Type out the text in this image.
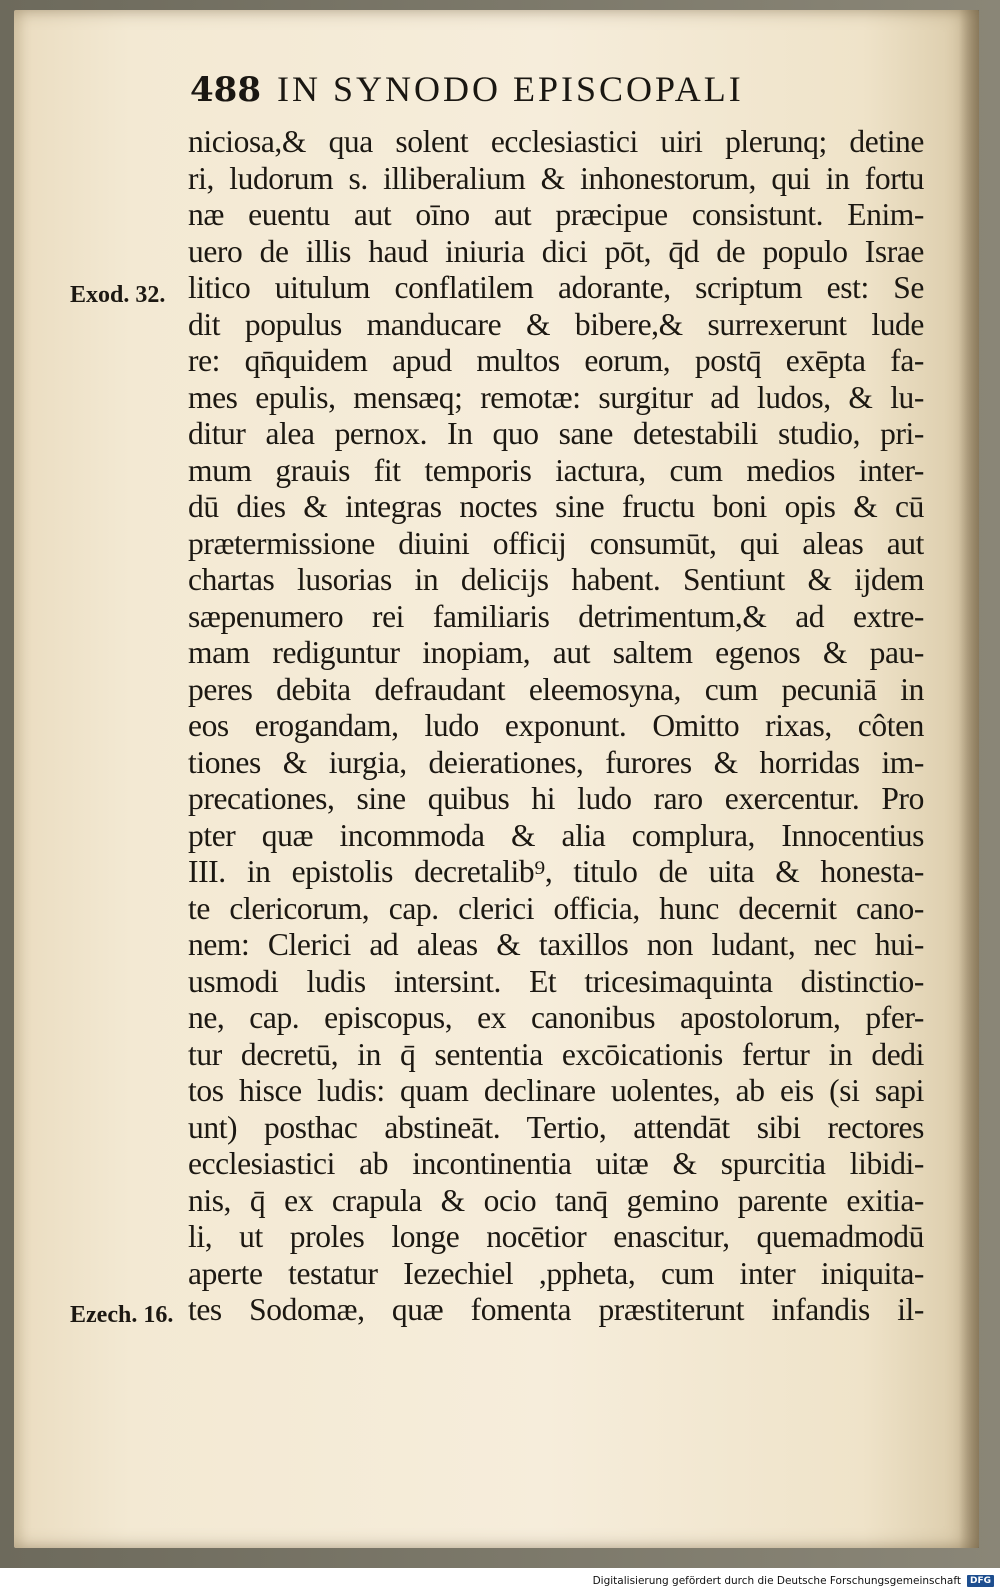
488 IN SYNODO EPISCOPALI
Exod. 32.
Ezech. 16.
niciosa,& qua solent ecclesiastici uiri plerunq; detine
ri, ludorum s. illiberalium & inhonestorum, qui in fortu
næ euentu aut oīno aut præcipue consistunt. Enim-
uero de illis haud iniuria dici pōt, q̄d de populo Israe
litico uitulum conflatilem adorante, scriptum est: Se
dit populus manducare & bibere,& surrexerunt lude
re: qn̄quidem apud multos eorum, postq̄ exēpta fa-
mes epulis, mensæq; remotæ: surgitur ad ludos, & lu-
ditur alea pernox. In quo sane detestabili studio, pri-
mum grauis fit temporis iactura, cum medios inter-
dū dies & integras noctes sine fructu boni opis & cū
prætermissione diuini officij consumūt, qui aleas aut
chartas lusorias in delicijs habent. Sentiunt & ijdem
sæpenumero rei familiaris detrimentum,& ad extre-
mam rediguntur inopiam, aut saltem egenos & pau-
peres debita defraudant eleemosyna, cum pecuniā in
eos erogandam, ludo exponunt. Omitto rixas, côten
tiones & iurgia, deierationes, furores & horridas im-
precationes, sine quibus hi ludo raro exercentur. Pro
pter quæ incommoda & alia complura, Innocentius
III. in epistolis decretalib⁹, titulo de uita & honesta-
te clericorum, cap. clerici officia, hunc decernit cano-
nem: Clerici ad aleas & taxillos non ludant, nec hui-
usmodi ludis intersint. Et tricesimaquinta distinctio-
ne, cap. episcopus, ex canonibus apostolorum, pfer-
tur decretū, in q̄ sententia excōicationis fertur in dedi
tos hisce ludis: quam declinare uolentes, ab eis (si sapi
unt) posthac abstineāt. Tertio, attendāt sibi rectores
ecclesiastici ab incontinentia uitæ & spurcitia libidi-
nis, q̄ ex crapula & ocio tanq̄ gemino parente exitia-
li, ut proles longe nocētior enascitur, quemadmodū
aperte testatur Iezechiel ,ppheta, cum inter iniquita-
tes Sodomæ, quæ fomenta præstiterunt infandis il-
Digitalisierung gefördert durch die Deutsche Forschungsgemeinschaft	DFG
